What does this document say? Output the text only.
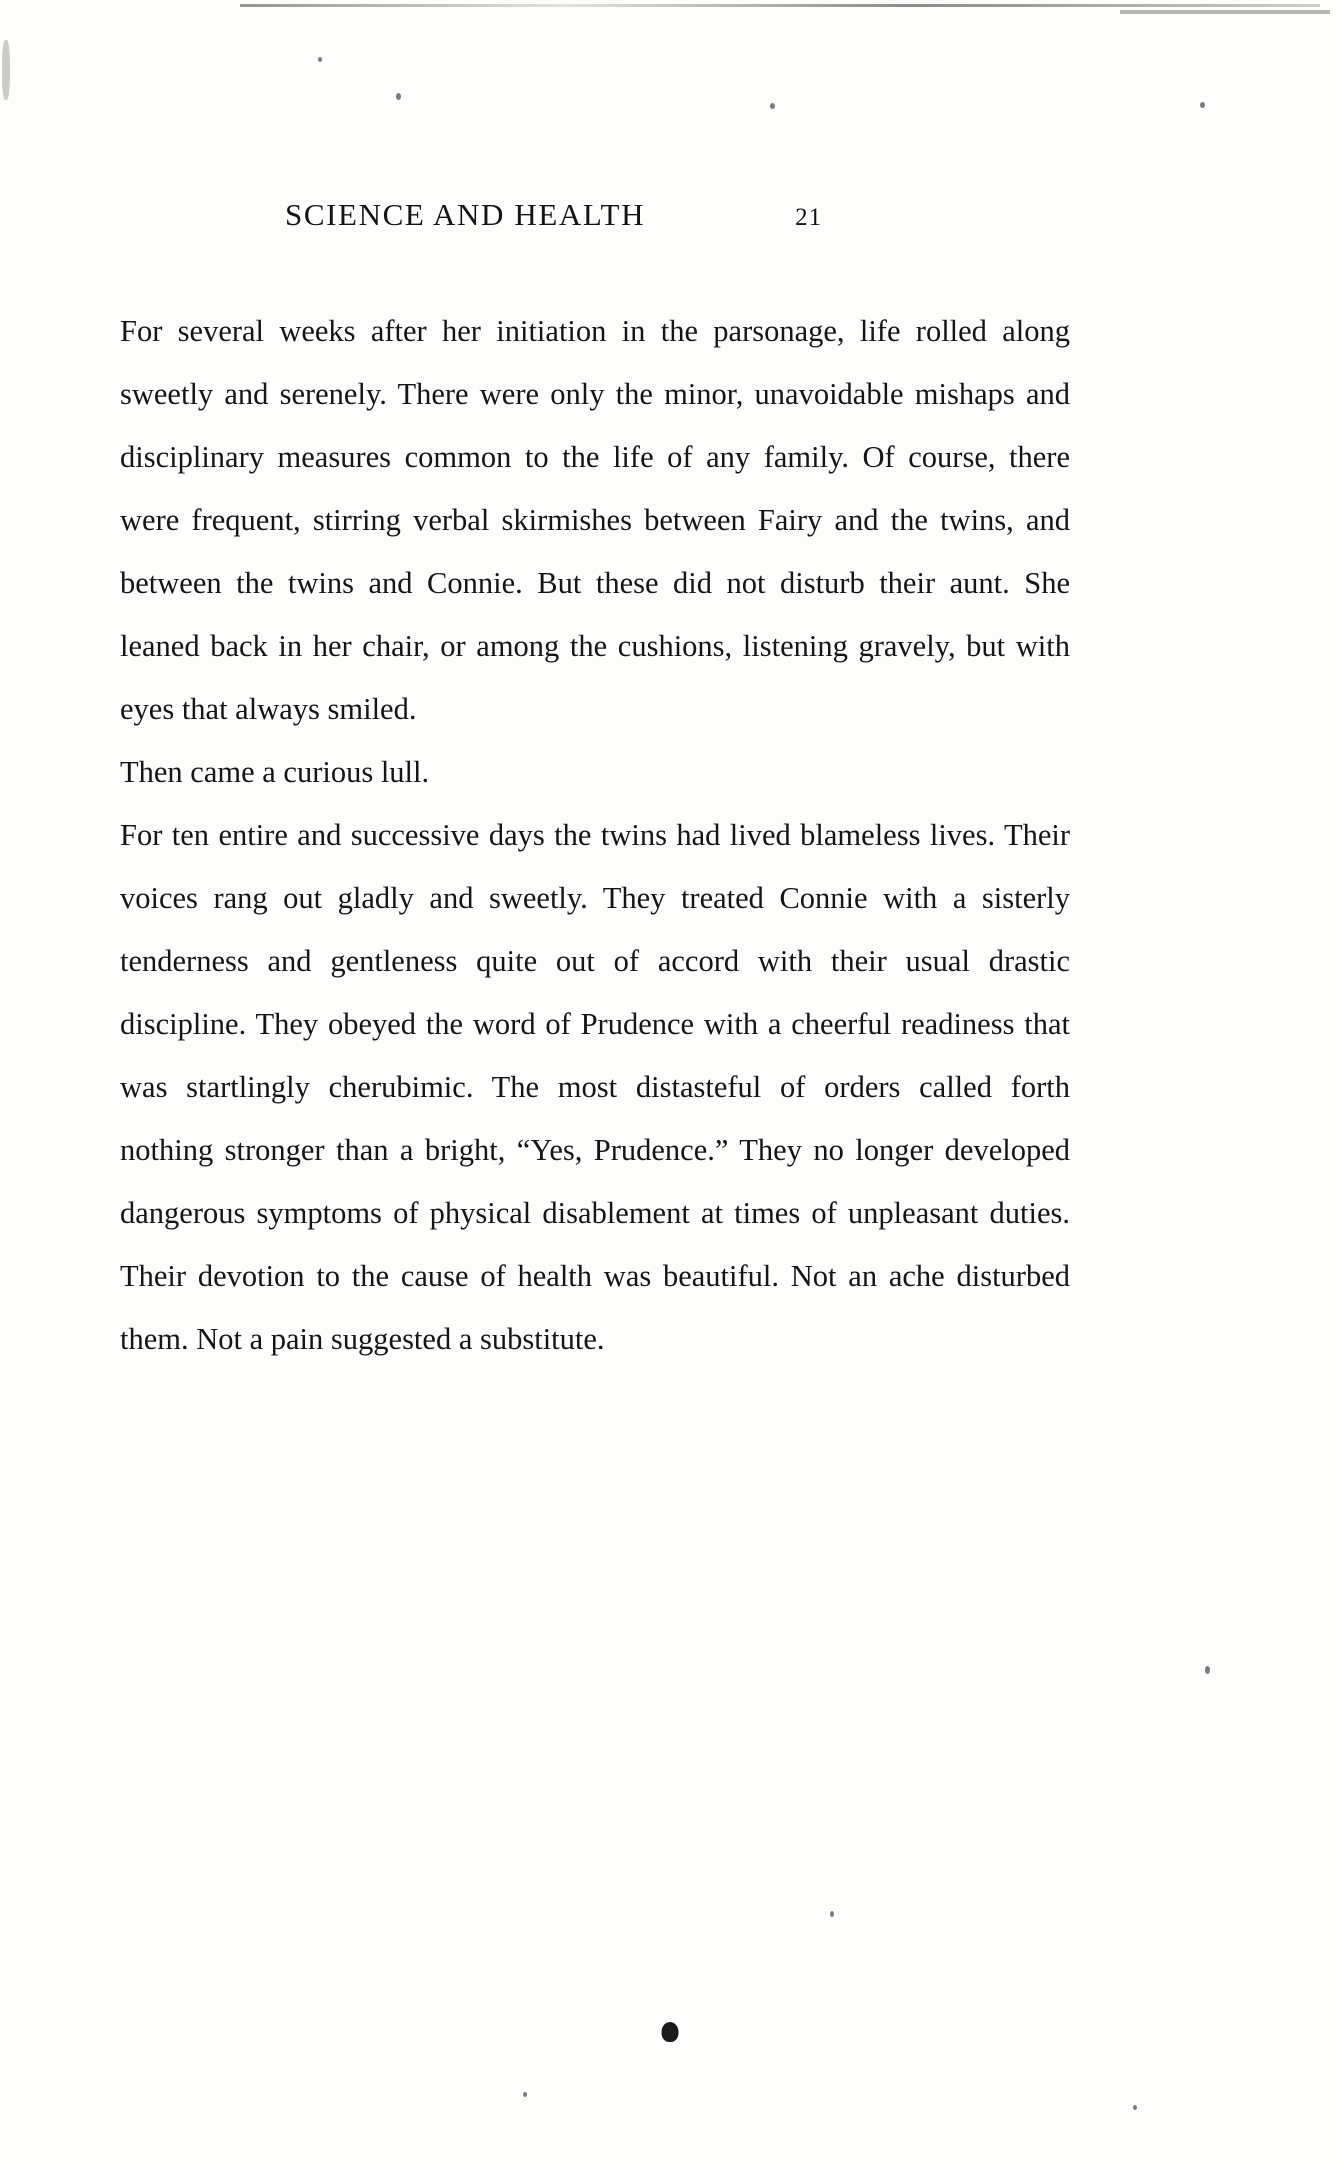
SCIENCE AND HEALTH	21

For several weeks after her initiation in the parsonage, life rolled along sweetly and serenely. There were only the minor, unavoidable mishaps and disciplinary measures common to the life of any family. Of course, there were frequent, stirring verbal skirmishes between Fairy and the twins, and between the twins and Connie. But these did not disturb their aunt. She leaned back in her chair, or among the cushions, listening gravely, but with eyes that always smiled.

Then came a curious lull.

For ten entire and successive days the twins had lived blameless lives. Their voices rang out gladly and sweetly. They treated Connie with a sisterly tenderness and gentleness quite out of accord with their usual drastic discipline. They obeyed the word of Prudence with a cheerful readiness that was startlingly cherubimic. The most distasteful of orders called forth nothing stronger than a bright, “Yes, Prudence.” They no longer developed dangerous symptoms of physical disablement at times of unpleasant duties. Their devotion to the cause of health was beautiful. Not an ache disturbed them. Not a pain suggested a substitute.
